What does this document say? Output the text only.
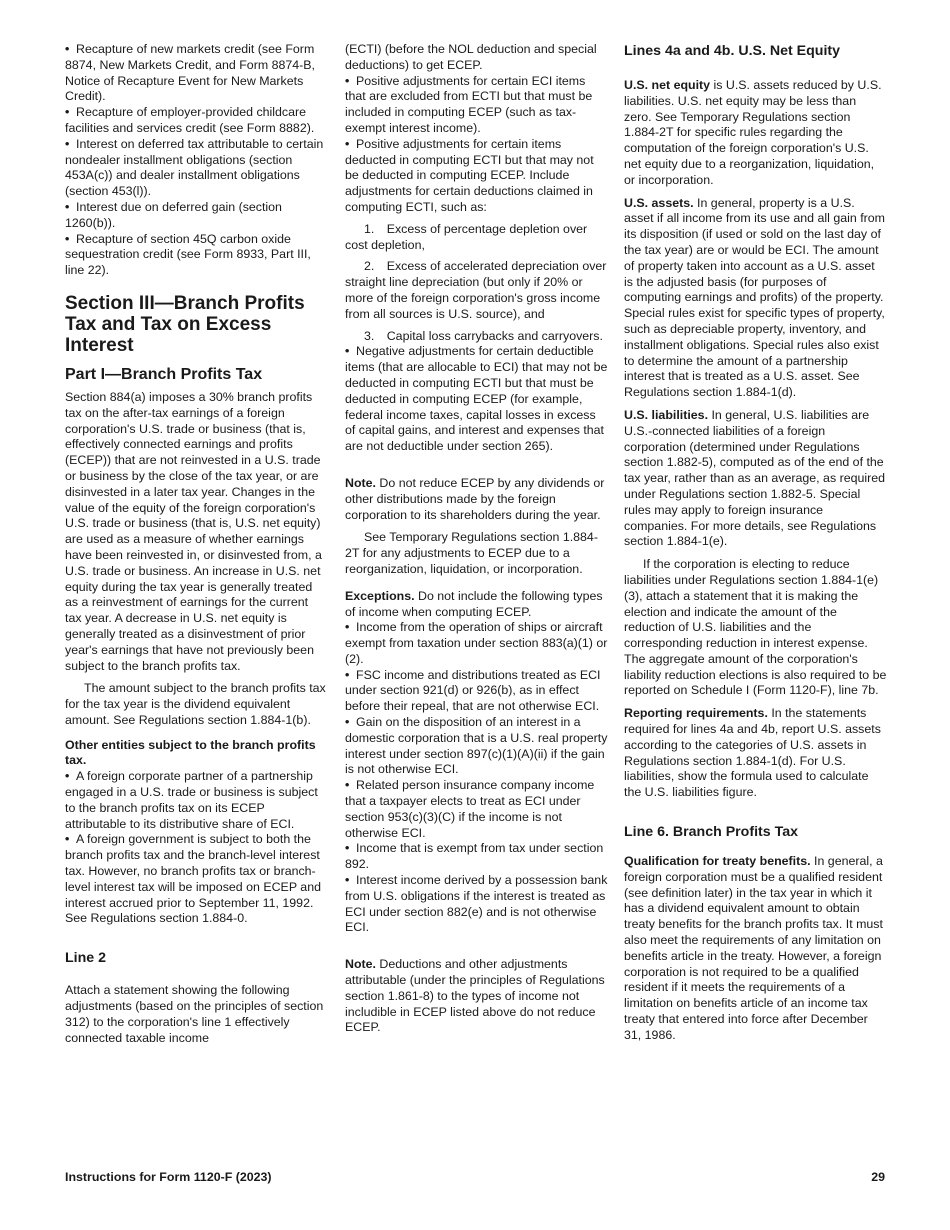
• Recapture of new markets credit (see Form 8874, New Markets Credit, and Form 8874-B, Notice of Recapture Event for New Markets Credit).
• Recapture of employer-provided childcare facilities and services credit (see Form 8882).
• Interest on deferred tax attributable to certain nondealer installment obligations (section 453A(c)) and dealer installment obligations (section 453(l)).
• Interest due on deferred gain (section 1260(b)).
• Recapture of section 45Q carbon oxide sequestration credit (see Form 8933, Part III, line 22).
Section III—Branch Profits Tax and Tax on Excess Interest
Part I—Branch Profits Tax

Section 884(a) imposes a 30% branch profits tax on the after-tax earnings of a foreign corporation's U.S. trade or business (that is, effectively connected earnings and profits (ECEP)) that are not reinvested in a U.S. trade or business by the close of the tax year, or are disinvested in a later tax year. Changes in the value of the equity of the foreign corporation's U.S. trade or business (that is, U.S. net equity) are used as a measure of whether earnings have been reinvested in, or disinvested from, a U.S. trade or business. An increase in U.S. net equity during the tax year is generally treated as a reinvestment of earnings for the current tax year. A decrease in U.S. net equity is generally treated as a disinvestment of prior year's earnings that have not previously been subject to the branch profits tax.

The amount subject to the branch profits tax for the tax year is the dividend equivalent amount. See Regulations section 1.884-1(b).

Other entities subject to the branch profits tax.
• A foreign corporate partner of a partnership engaged in a U.S. trade or business is subject to the branch profits tax on its ECEP attributable to its distributive share of ECI.
• A foreign government is subject to both the branch profits tax and the branch-level interest tax. However, no branch profits tax or branch-level interest tax will be imposed on ECEP and interest accrued prior to September 11, 1992. See Regulations section 1.884-0.
Line 2

Attach a statement showing the following adjustments (based on the principles of section 312) to the corporation's line 1 effectively connected taxable income

(ECTI) (before the NOL deduction and special deductions) to get ECEP.
• Positive adjustments for certain ECI items that are excluded from ECTI but that must be included in computing ECEP (such as tax-exempt interest income).
• Positive adjustments for certain items deducted in computing ECTI but that may not be deducted in computing ECEP. Include adjustments for certain deductions claimed in computing ECTI, such as:

1. Excess of percentage depletion over cost depletion,

2. Excess of accelerated depreciation over straight line depreciation (but only if 20% or more of the foreign corporation's gross income from all sources is U.S. source), and

3. Capital loss carrybacks and carryovers.
• Negative adjustments for certain deductible items (that are allocable to ECI) that may not be deducted in computing ECTI but that must be deducted in computing ECEP (for example, federal income taxes, capital losses in excess of capital gains, and interest and expenses that are not deductible under section 265).

Note. Do not reduce ECEP by any dividends or other distributions made by the foreign corporation to its shareholders during the year.

See Temporary Regulations section 1.884-2T for any adjustments to ECEP due to a reorganization, liquidation, or incorporation.

Exceptions. Do not include the following types of income when computing ECEP.
• Income from the operation of ships or aircraft exempt from taxation under section 883(a)(1) or (2).
• FSC income and distributions treated as ECI under section 921(d) or 926(b), as in effect before their repeal, that are not otherwise ECI.
• Gain on the disposition of an interest in a domestic corporation that is a U.S. real property interest under section 897(c)(1)(A)(ii) if the gain is not otherwise ECI.
• Related person insurance company income that a taxpayer elects to treat as ECI under section 953(c)(3)(C) if the income is not otherwise ECI.
• Income that is exempt from tax under section 892.
• Interest income derived by a possession bank from U.S. obligations if the interest is treated as ECI under section 882(e) and is not otherwise ECI.

Note. Deductions and other adjustments attributable (under the principles of Regulations section 1.861-8) to the types of income not includible in ECEP listed above do not reduce ECEP.

Lines 4a and 4b. U.S. Net Equity

U.S. net equity is U.S. assets reduced by U.S. liabilities. U.S. net equity may be less than zero. See Temporary Regulations section 1.884-2T for specific rules regarding the computation of the foreign corporation's U.S. net equity due to a reorganization, liquidation, or incorporation.

U.S. assets. In general, property is a U.S. asset if all income from its use and all gain from its disposition (if used or sold on the last day of the tax year) are or would be ECI. The amount of property taken into account as a U.S. asset is the adjusted basis (for purposes of computing earnings and profits) of the property. Special rules exist for specific types of property, such as depreciable property, inventory, and installment obligations. Special rules also exist to determine the amount of a partnership interest that is treated as a U.S. asset. See Regulations section 1.884-1(d).

U.S. liabilities. In general, U.S. liabilities are U.S.-connected liabilities of a foreign corporation (determined under Regulations section 1.882-5), computed as of the end of the tax year, rather than as an average, as required under Regulations section 1.882-5. Special rules may apply to foreign insurance companies. For more details, see Regulations section 1.884-1(e).

If the corporation is electing to reduce liabilities under Regulations section 1.884-1(e)(3), attach a statement that it is making the election and indicate the amount of the reduction of U.S. liabilities and the corresponding reduction in interest expense. The aggregate amount of the corporation's liability reduction elections is also required to be reported on Schedule I (Form 1120-F), line 7b.

Reporting requirements. In the statements required for lines 4a and 4b, report U.S. assets according to the categories of U.S. assets in Regulations section 1.884-1(d). For U.S. liabilities, show the formula used to calculate the U.S. liabilities figure.

Line 6. Branch Profits Tax

Qualification for treaty benefits. In general, a foreign corporation must be a qualified resident (see definition later) in the tax year in which it has a dividend equivalent amount to obtain treaty benefits for the branch profits tax. It must also meet the requirements of any limitation on benefits article in the treaty. However, a foreign corporation is not required to be a qualified resident if it meets the requirements of a limitation on benefits article of an income tax treaty that entered into force after December 31, 1986.

Instructions for Form 1120-F (2023)	29
